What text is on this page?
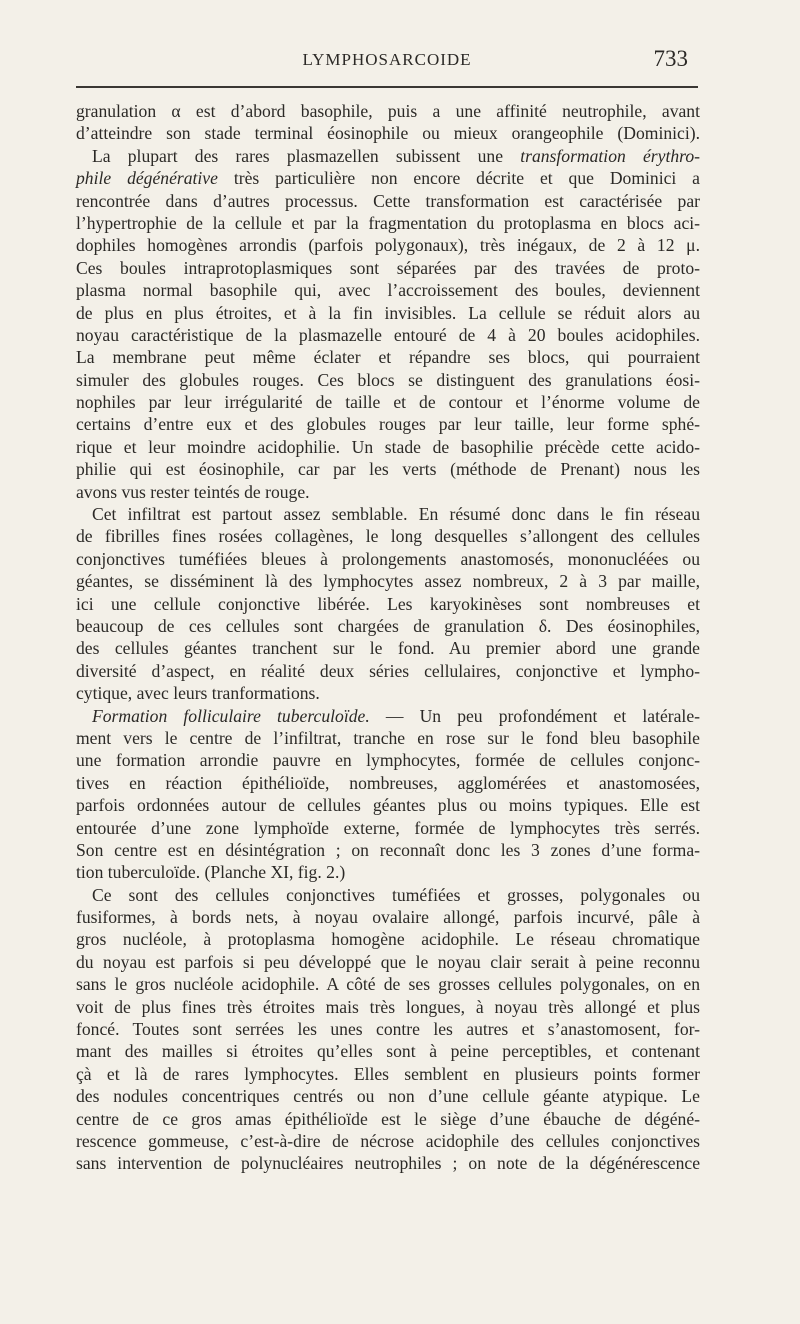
LYMPHOSARCOIDE	733
granulation α est d’abord basophile, puis a une affinité neutrophile, avant
d’atteindre son stade terminal éosinophile ou mieux orangeophile (Dominici).
La plupart des rares plasmazellen subissent une transformation érythro-
phile dégénérative très particulière non encore décrite et que Dominici a
rencontrée dans d’autres processus. Cette transformation est caractérisée par
l’hypertrophie de la cellule et par la fragmentation du protoplasma en blocs aci-
dophiles homogènes arrondis (parfois polygonaux), très inégaux, de 2 à 12 μ.
Ces boules intraprotoplasmiques sont séparées par des travées de proto-
plasma normal basophile qui, avec l’accroissement des boules, deviennent
de plus en plus étroites, et à la fin invisibles. La cellule se réduit alors au
noyau caractéristique de la plasmazelle entouré de 4 à 20 boules acidophiles.
La membrane peut même éclater et répandre ses blocs, qui pourraient
simuler des globules rouges. Ces blocs se distinguent des granulations éosi-
nophiles par leur irrégularité de taille et de contour et l’énorme volume de
certains d’entre eux et des globules rouges par leur taille, leur forme sphé-
rique et leur moindre acidophilie. Un stade de basophilie précède cette acido-
philie qui est éosinophile, car par les verts (méthode de Prenant) nous les
avons vus rester teintés de rouge.
Cet infiltrat est partout assez semblable. En résumé donc dans le fin réseau
de fibrilles fines rosées collagènes, le long desquelles s’allongent des cellules
conjonctives tuméfiées bleues à prolongements anastomosés, mononucléées ou
géantes, se disséminent là des lymphocytes assez nombreux, 2 à 3 par maille,
ici une cellule conjonctive libérée. Les karyokinèses sont nombreuses et
beaucoup de ces cellules sont chargées de granulation δ. Des éosinophiles,
des cellules géantes tranchent sur le fond. Au premier abord une grande
diversité d’aspect, en réalité deux séries cellulaires, conjonctive et lympho-
cytique, avec leurs tranformations.
Formation folliculaire tuberculoïde. — Un peu profondément et latérale-
ment vers le centre de l’infiltrat, tranche en rose sur le fond bleu basophile
une formation arrondie pauvre en lymphocytes, formée de cellules conjonc-
tives en réaction épithélioïde, nombreuses, agglomérées et anastomosées,
parfois ordonnées autour de cellules géantes plus ou moins typiques. Elle est
entourée d’une zone lymphoïde externe, formée de lymphocytes très serrés.
Son centre est en désintégration ; on reconnaît donc les 3 zones d’une forma-
tion tuberculoïde. (Planche XI, fig. 2.)
Ce sont des cellules conjonctives tuméfiées et grosses, polygonales ou
fusiformes, à bords nets, à noyau ovalaire allongé, parfois incurvé, pâle à
gros nucléole, à protoplasma homogène acidophile. Le réseau chromatique
du noyau est parfois si peu développé que le noyau clair serait à peine reconnu
sans le gros nucléole acidophile. A côté de ses grosses cellules polygonales, on en
voit de plus fines très étroites mais très longues, à noyau très allongé et plus
foncé. Toutes sont serrées les unes contre les autres et s’anastomosent, for-
mant des mailles si étroites qu’elles sont à peine perceptibles, et contenant
çà et là de rares lymphocytes. Elles semblent en plusieurs points former
des nodules concentriques centrés ou non d’une cellule géante atypique. Le
centre de ce gros amas épithélioïde est le siège d’une ébauche de dégéné-
rescence gommeuse, c’est-à-dire de nécrose acidophile des cellules conjonctives
sans intervention de polynucléaires neutrophiles ; on note de la dégénérescence
